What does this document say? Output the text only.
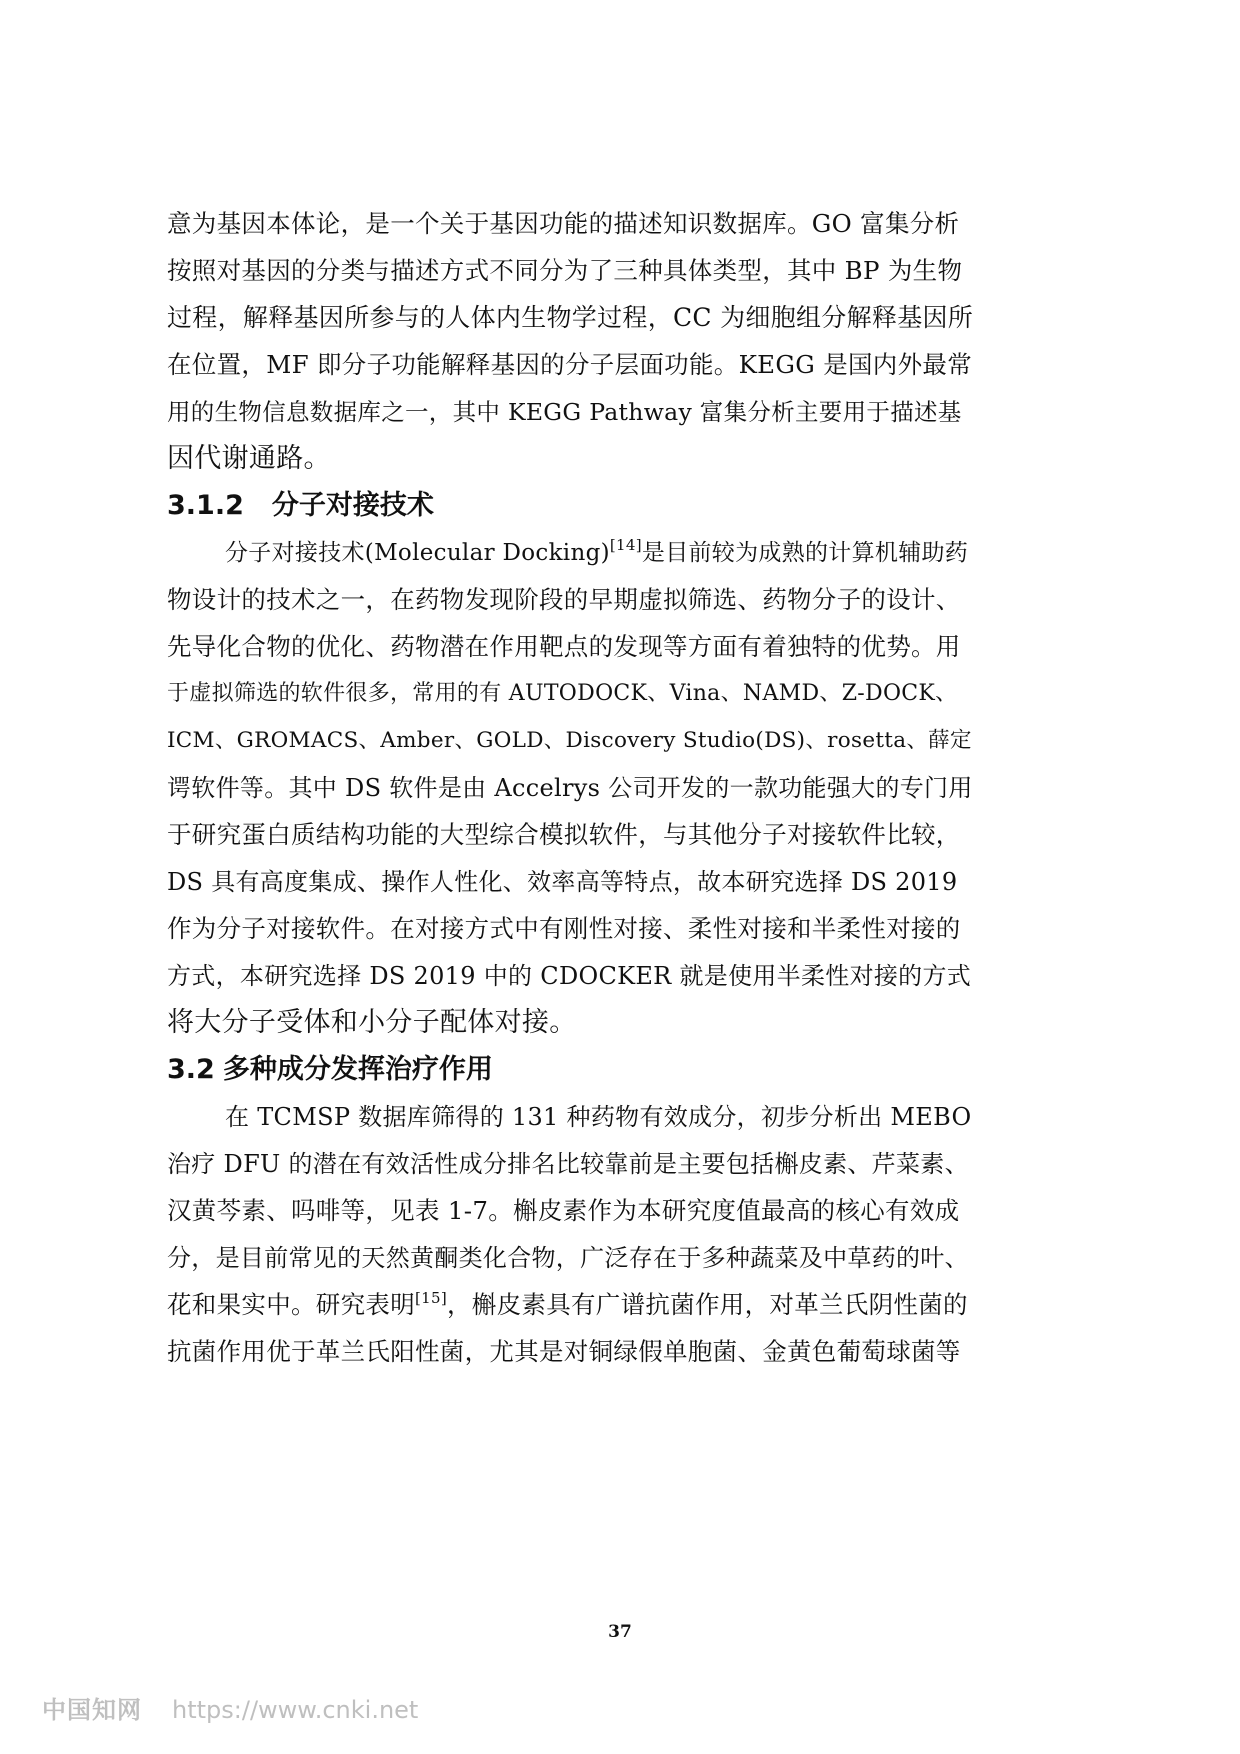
意为基因本体论，是一个关于基因功能的描述知识数据库。GO 富集分析
按照对基因的分类与描述方式不同分为了三种具体类型，其中 BP 为生物
过程，解释基因所参与的人体内生物学过程，CC 为细胞组分解释基因所
在位置，MF 即分子功能解释基因的分子层面功能。KEGG 是国内外最常
用的生物信息数据库之一，其中 KEGG Pathway 富集分析主要用于描述基
因代谢通路。
3.1.2 分子对接技术
分子对接技术(Molecular Docking)[14]是目前较为成熟的计算机辅助药
物设计的技术之一，在药物发现阶段的早期虚拟筛选、药物分子的设计、
先导化合物的优化、药物潜在作用靶点的发现等方面有着独特的优势。用
于虚拟筛选的软件很多，常用的有 AUTODOCK、Vina、NAMD、Z-DOCK、
ICM、GROMACS、Amber、GOLD、Discovery Studio(DS)、rosetta、薛定
谔软件等。其中 DS 软件是由 Accelrys 公司开发的一款功能强大的专门用
于研究蛋白质结构功能的大型综合模拟软件，与其他分子对接软件比较，
DS 具有高度集成、操作人性化、效率高等特点，故本研究选择 DS 2019
作为分子对接软件。在对接方式中有刚性对接、柔性对接和半柔性对接的
方式，本研究选择 DS 2019 中的 CDOCKER 就是使用半柔性对接的方式
将大分子受体和小分子配体对接。
3.2 多种成分发挥治疗作用
在 TCMSP 数据库筛得的 131 种药物有效成分，初步分析出 MEBO
治疗 DFU 的潜在有效活性成分排名比较靠前是主要包括槲皮素、芹菜素、
汉黄芩素、吗啡等，见表 1-7。槲皮素作为本研究度值最高的核心有效成
分，是目前常见的天然黄酮类化合物，广泛存在于多种蔬菜及中草药的叶、
花和果实中。研究表明[15]，槲皮素具有广谱抗菌作用，对革兰氏阴性菌的
抗菌作用优于革兰氏阳性菌，尤其是对铜绿假单胞菌、金黄色葡萄球菌等
37
中国知网 https://www.cnki.net
